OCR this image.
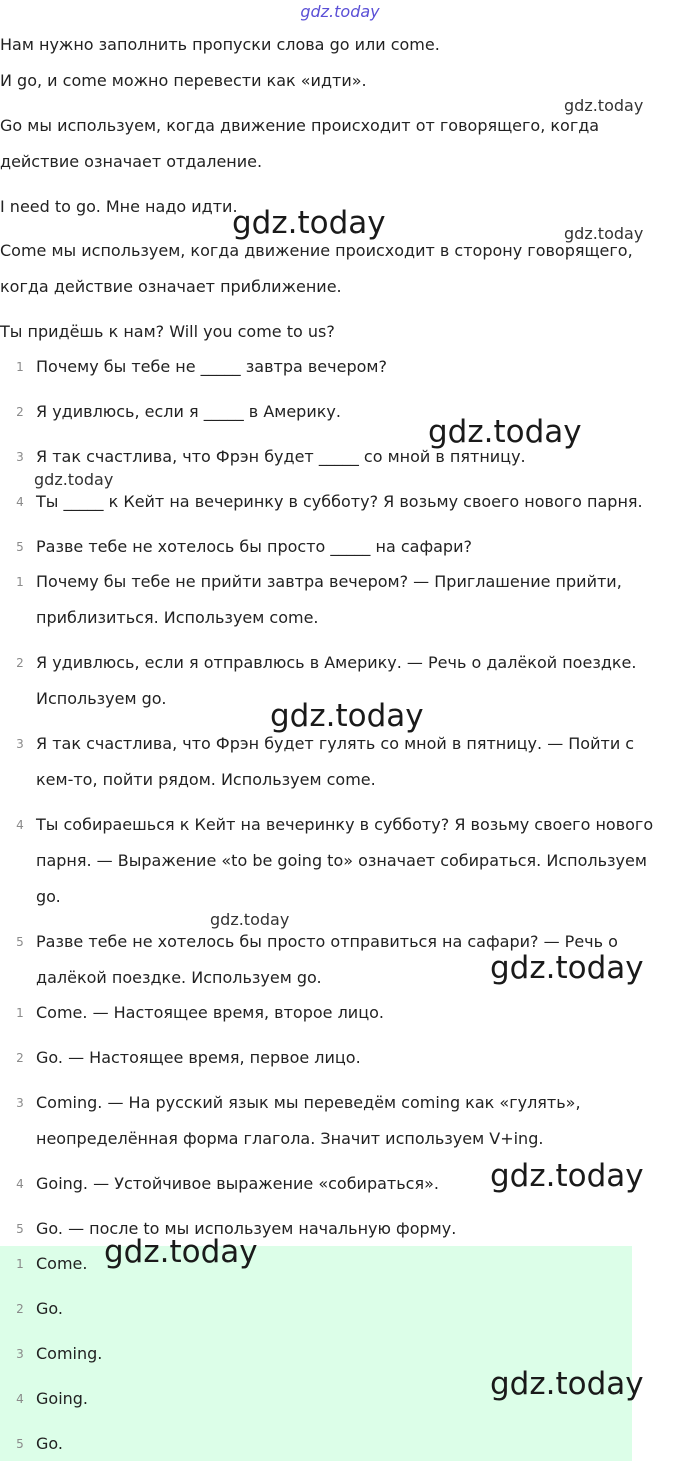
gdz.today

Нам нужно заполнить пропуски слова go или come.

И go, и come можно перевести как «идти».

Go мы используем, когда движение происходит от говорящего, когда действие означает отдаление.

I need to go. Мне надо идти.

Come мы используем, когда движение происходит в сторону говорящего, когда действие означает приближение.

Ты придёшь к нам? Will you come to us?

1 Почему бы тебе не _____ завтра вечером?
2 Я удивлюсь, если я _____ в Америку.
3 Я так счастлива, что Фрэн будет _____ со мной в пятницу.
4 Ты _____ к Кейт на вечеринку в субботу? Я возьму своего нового парня.
5 Разве тебе не хотелось бы просто _____ на сафари?
1 Почему бы тебе не прийти завтра вечером? — Приглашение прийти, приблизиться. Используем come.
2 Я удивлюсь, если я отправлюсь в Америку. — Речь о далёкой поездке. Используем go.
3 Я так счастлива, что Фрэн будет гулять со мной в пятницу. — Пойти с кем-то, пойти рядом. Используем come.
4 Ты собираешься к Кейт на вечеринку в субботу? Я возьму своего нового парня. — Выражение «to be going to» означает собираться. Используем go.
5 Разве тебе не хотелось бы просто отправиться на сафари? — Речь о далёкой поездке. Используем go.
1 Come. — Настоящее время, второе лицо.
2 Go. — Настоящее время, первое лицо.
3 Coming. — На русский язык мы переведём coming как «гулять», неопределённая форма глагола. Значит используем V+ing.
4 Going. — Устойчивое выражение «собираться».
5 Go. — после to мы используем начальную форму.
1 Come.
2 Go.
3 Coming.
4 Going.
5 Go.
gdz.today
gdz.today
gdz.today
gdz.today
gdz.today
gdz.today
gdz.today
gdz.today
gdz.today
gdz.today
gdz.today
